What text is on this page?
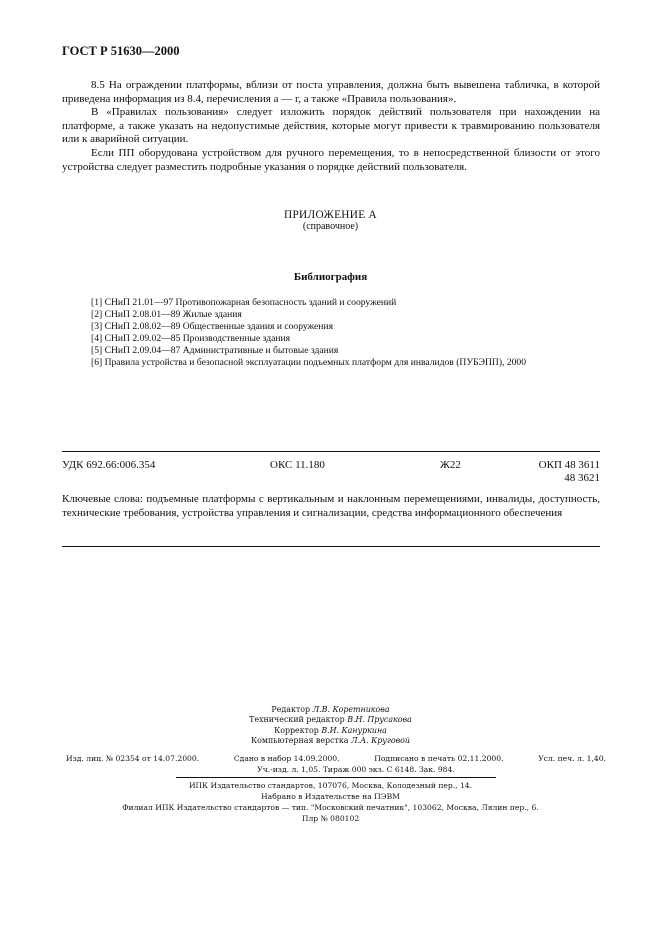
ГОСТ Р 51630—2000

8.5 На ограждении платформы, вблизи от поста управления, должна быть вывешена табличка, в которой приведена информация из 8.4, перечисления а — г, а также «Правила пользования».

В «Правилах пользования» следует изложить порядок действий пользователя при нахождении на платформе, а также указать на недопустимые действия, которые могут привести к травмированию пользователя или к аварийной ситуации.

Если ПП оборудована устройством для ручного перемещения, то в непосредственной близости от этого устройства следует разместить подробные указания о порядке действий пользователя.

ПРИЛОЖЕНИЕ А
(справочное)
Библиография
[1] СНиП 21.01—97 Противопожарная безопасность зданий и сооружений
[2] СНиП 2.08.01—89 Жилые здания
[3] СНиП 2.08.02—89 Общественные здания и сооружения
[4] СНиП 2.09.02—85 Производственные здания
[5] СНиП 2.09.04—87 Административные и бытовые здания
[6] Правила устройства и безопасной эксплуатации подъемных платформ для инвалидов (ПУБЭПП), 2000
УДК 692.66:006.354	ОКС 11.180	Ж22	ОКП 48 3611
48 3621
Ключевые слова: подъемные платформы с вертикальным и наклонным перемещениями, инвалиды, доступность, технические требования, устройства управления и сигнализации, средства информационного обеспечения
Редактор Л.В. Коретникова
Технический редактор В.Н. Прусакова
Корректор В.И. Кануркина
Компьютерная верстка Л.А. Круговой
Изд. лиц. № 02354 от 14.07.2000.	Сдано в набор 14.09.2000.	Подписано в печать 02.11.2000.	Усл. печ. л. 1,40.
Уч.-изд. л. 1,05. Тираж 000 экз. С 6148. Зак. 984.
ИПК Издательство стандартов, 107076, Москва, Колодезный пер., 14.
Набрано в Издательстве на ПЭВМ
Филиал ИПК Издательство стандартов — тип. "Московский печатник", 103062, Москва, Лялин пер., 6.
Плр № 080102
